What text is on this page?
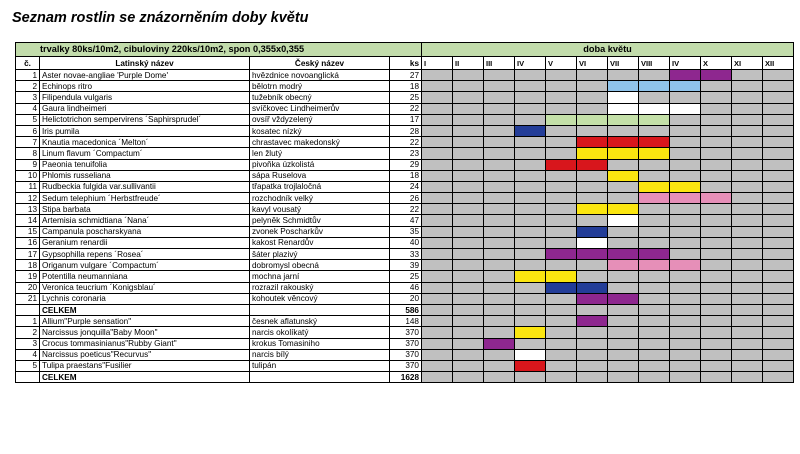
Seznam rostlin se znázorněním doby květu
trvalky 80ks/10m2, cibuloviny 220ks/10m2, spon 0,355x0,355				doba květu											
č.	Latinský název	Český název	ks	I	II	III	IV	V	VI	VII	VIII	IV	X	XI	XII
1	Aster novae-angliae 'Purple Dome'	hvězdnice novoanglická	27												
2	Echinops ritro	bělotrn modrý	18												
3	Filipendula vulgaris	tužebník obecný	25												
4	Gaura lindheimeri	svíčkovec Lindheimerův	22												
5	Helictotrichon sempervirens ´Saphirsprudel´	ovsíř vždyzelený	17												
6	Iris pumila	kosatec nízký	28												
7	Knautia macedonica ´Melton´	chrastavec makedonský	22												
8	Linum flavum ´Compactum´	len žlutý	23												
9	Paeonia tenuifolia	pivoňka úzkolistá	29												
10	Phlomis russeliana	sápa Ruselova	18												
11	Rudbeckia fulgida var.sullivantii	třapatka trojlaločná	24												
12	Sedum telephium ´Herbstfreude´	rozchodník velký	26												
13	Stipa barbata	kavyl vousatý	22												
14	Artemisia schmidtiana ´Nana´	pelyněk Schmidtův	47												
15	Campanula poscharskyana	zvonek Poscharkův	35												
16	Geranium renardii	kakost Renardův	40												
17	Gypsophilla repens ´Rosea´	šáter plazivý	33												
18	Origanum vulgare ´Compactum´	dobromysl obecná	39												
19	Potentilla neumanniana	mochna jarní	25												
20	Veronica teucrium ´Konigsblau´	rozrazil rakouský	46												
21	Lychnis coronaria	kohoutek věncový	20												
	CELKEM		586												
1	Allium"Purple sensation"	česnek aflatunský	148												
2	Narcissus jonquilla"Baby Moon"	narcis okolíkatý	370												
3	Crocus tommasinianus"Rubby Giant"	krokus Tomasiniho	370												
4	Narcissus poeticus"Recurvus"	narcis bílý	370												
5	Tulipa praestans"Fusilier	tulipán	370												
	CELKEM		1628												
